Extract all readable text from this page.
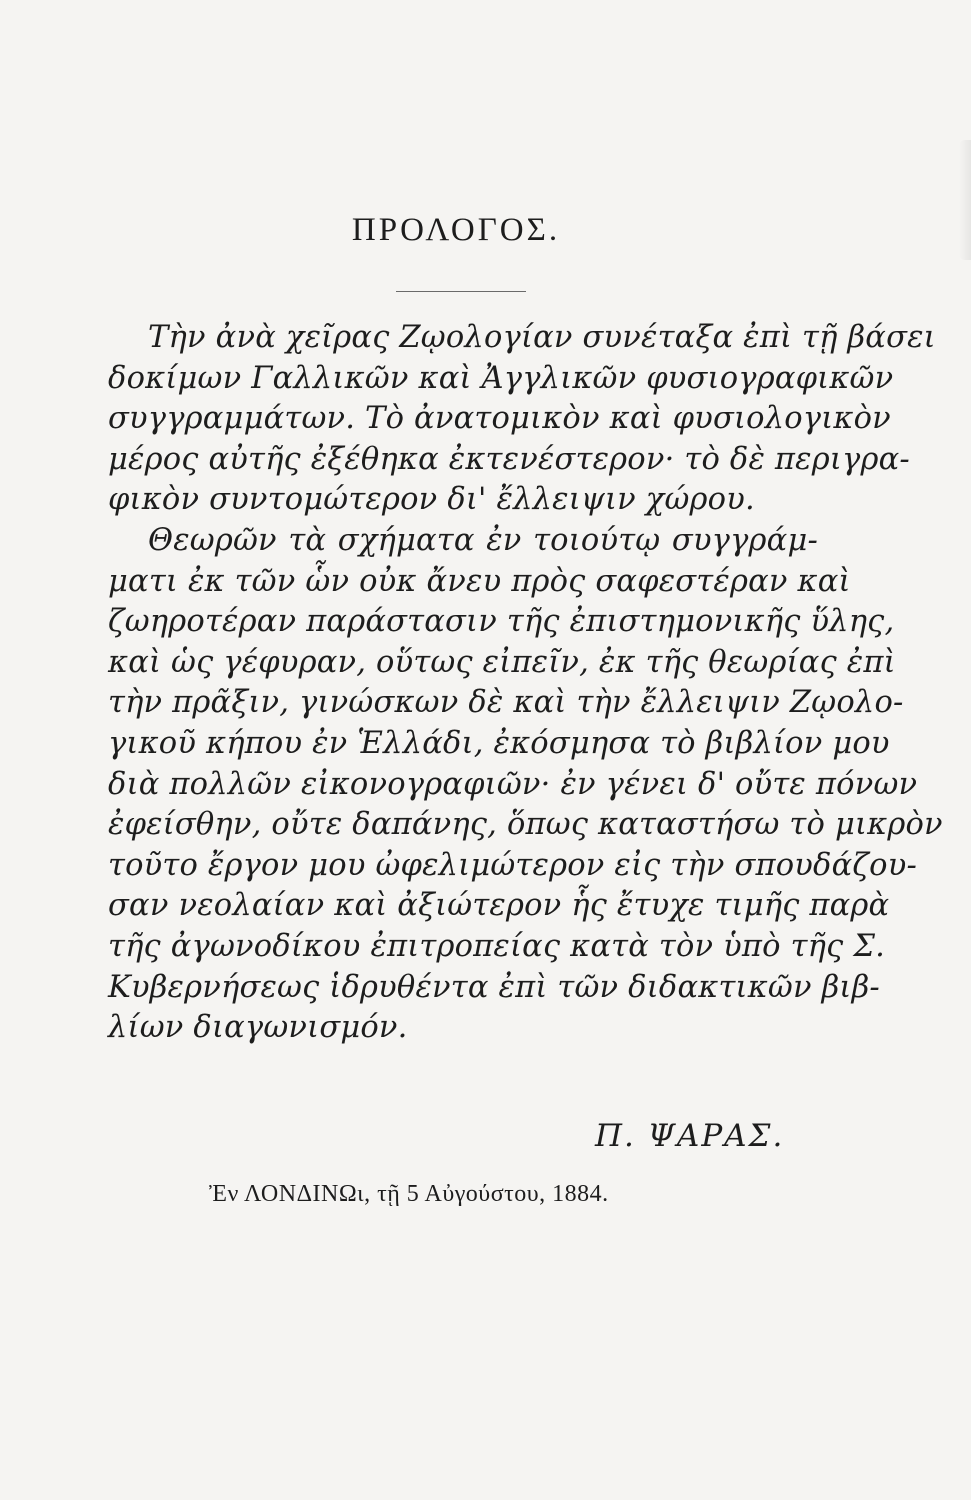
ΠΡΟΛΟΓΟΣ.
Τὴν ἀνὰ χεῖρας Ζῳολογίαν συνέταξα ἐπὶ τῇ βάσει
δοκίμων Γαλλικῶν καὶ Ἀγγλικῶν φυσιογραφικῶν
συγγραμμάτων. Τὸ ἀνατομικὸν καὶ φυσιολογικὸν
μέρος αὐτῆς ἐξέθηκα ἐκτενέστερον· τὸ δὲ περιγρα-
φικὸν συντομώτερον δι' ἔλλειψιν χώρου.
Θεωρῶν τὰ σχήματα ἐν τοιούτῳ συγγράμ-
ματι ἐκ τῶν ὧν οὐκ ἄνευ πρὸς σαφεστέραν καὶ
ζωηροτέραν παράστασιν τῆς ἐπιστημονικῆς ὕλης,
καὶ ὡς γέφυραν, οὕτως εἰπεῖν, ἐκ τῆς θεωρίας ἐπὶ
τὴν πρᾶξιν, γινώσκων δὲ καὶ τὴν ἔλλειψιν Ζῳολο-
γικοῦ κήπου ἐν Ἑλλάδι, ἐκόσμησα τὸ βιβλίον μου
διὰ πολλῶν εἰκονογραφιῶν· ἐν γένει δ' οὔτε πόνων
ἐφείσθην, οὔτε δαπάνης, ὅπως καταστήσω τὸ μικρὸν
τοῦτο ἔργον μου ὠφελιμώτερον εἰς τὴν σπουδάζου-
σαν νεολαίαν καὶ ἀξιώτερον ἧς ἔτυχε τιμῆς παρὰ
τῆς ἀγωνοδίκου ἐπιτροπείας κατὰ τὸν ὑπὸ τῆς Σ.
Κυβερνήσεως ἱδρυθέντα ἐπὶ τῶν διδακτικῶν βιβ-
λίων διαγωνισμόν.
Π. ΨΑΡΑΣ.
Ἐν ΛΟΝΔΙΝΩι, τῇ 5 Αὐγούστου, 1884.
